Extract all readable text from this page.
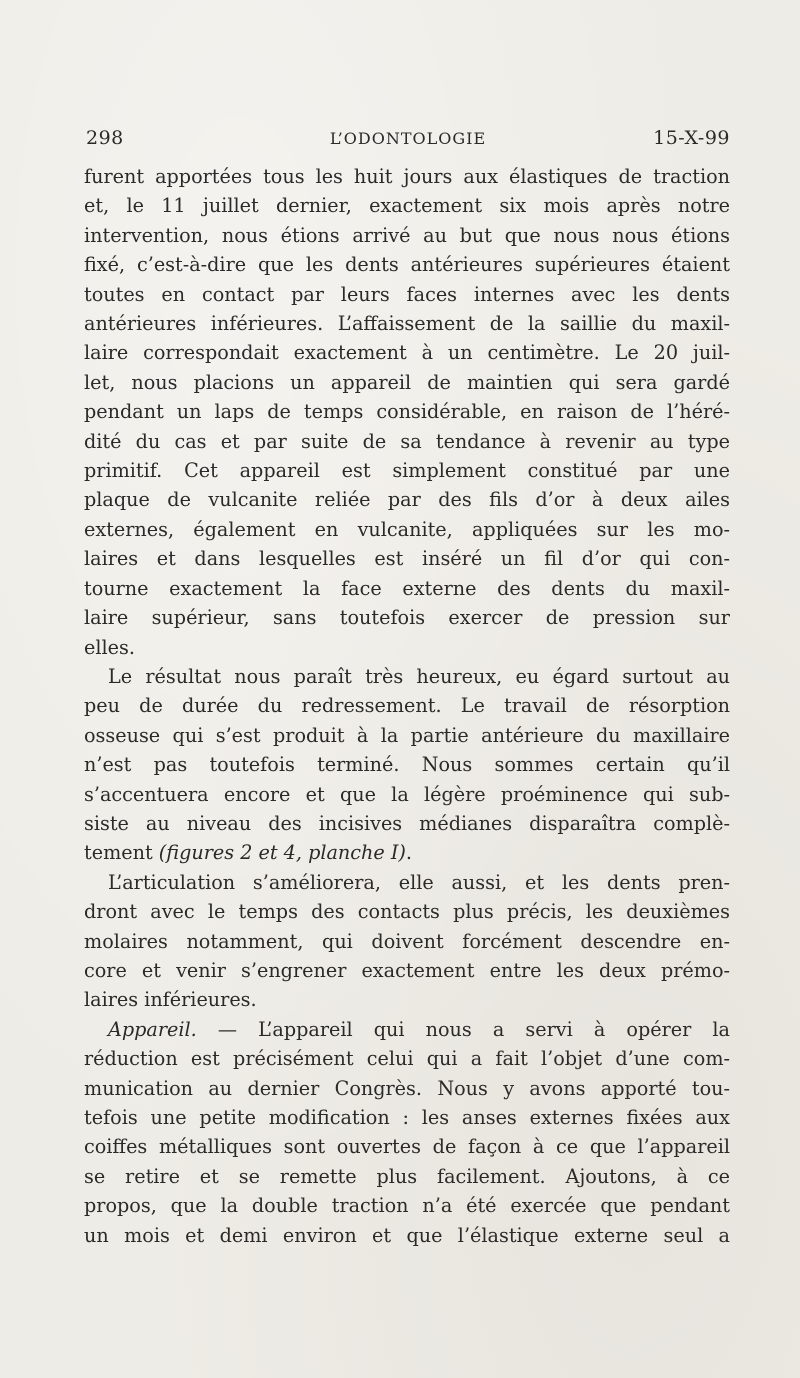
298	L’ODONTOLOGIE	15-X-99

furent apportées tous les huit jours aux élastiques de traction

et, le 11 juillet dernier, exactement six mois après notre

intervention, nous étions arrivé au but que nous nous étions

fixé, c’est-à-dire que les dents antérieures supérieures étaient

toutes en contact par leurs faces internes avec les dents

antérieures inférieures. L’affaissement de la saillie du maxil-

laire correspondait exactement à un centimètre. Le 20 juil-

let, nous placions un appareil de maintien qui sera gardé

pendant un laps de temps considérable, en raison de l’héré-

dité du cas et par suite de sa tendance à revenir au type

primitif. Cet appareil est simplement constitué par une

plaque de vulcanite reliée par des fils d’or à deux ailes

externes, également en vulcanite, appliquées sur les mo-

laires et dans lesquelles est inséré un fil d’or qui con-

tourne exactement la face externe des dents du maxil-

laire supérieur, sans toutefois exercer de pression sur

elles.

Le résultat nous paraît très heureux, eu égard surtout au

peu de durée du redressement. Le travail de résorption

osseuse qui s’est produit à la partie antérieure du maxillaire

n’est pas toutefois terminé. Nous sommes certain qu’il

s’accentuera encore et que la légère proéminence qui sub-

siste au niveau des incisives médianes disparaîtra complè-

tement (figures 2 et 4, planche I).

L’articulation s’améliorera, elle aussi, et les dents pren-

dront avec le temps des contacts plus précis, les deuxièmes

molaires notamment, qui doivent forcément descendre en-

core et venir s’engrener exactement entre les deux prémo-

laires inférieures.

Appareil. — L’appareil qui nous a servi à opérer la

réduction est précisément celui qui a fait l’objet d’une com-

munication au dernier Congrès. Nous y avons apporté tou-

tefois une petite modification : les anses externes fixées aux

coiffes métalliques sont ouvertes de façon à ce que l’appareil

se retire et se remette plus facilement. Ajoutons, à ce

propos, que la double traction n’a été exercée que pendant

un mois et demi environ et que l’élastique externe seul a
